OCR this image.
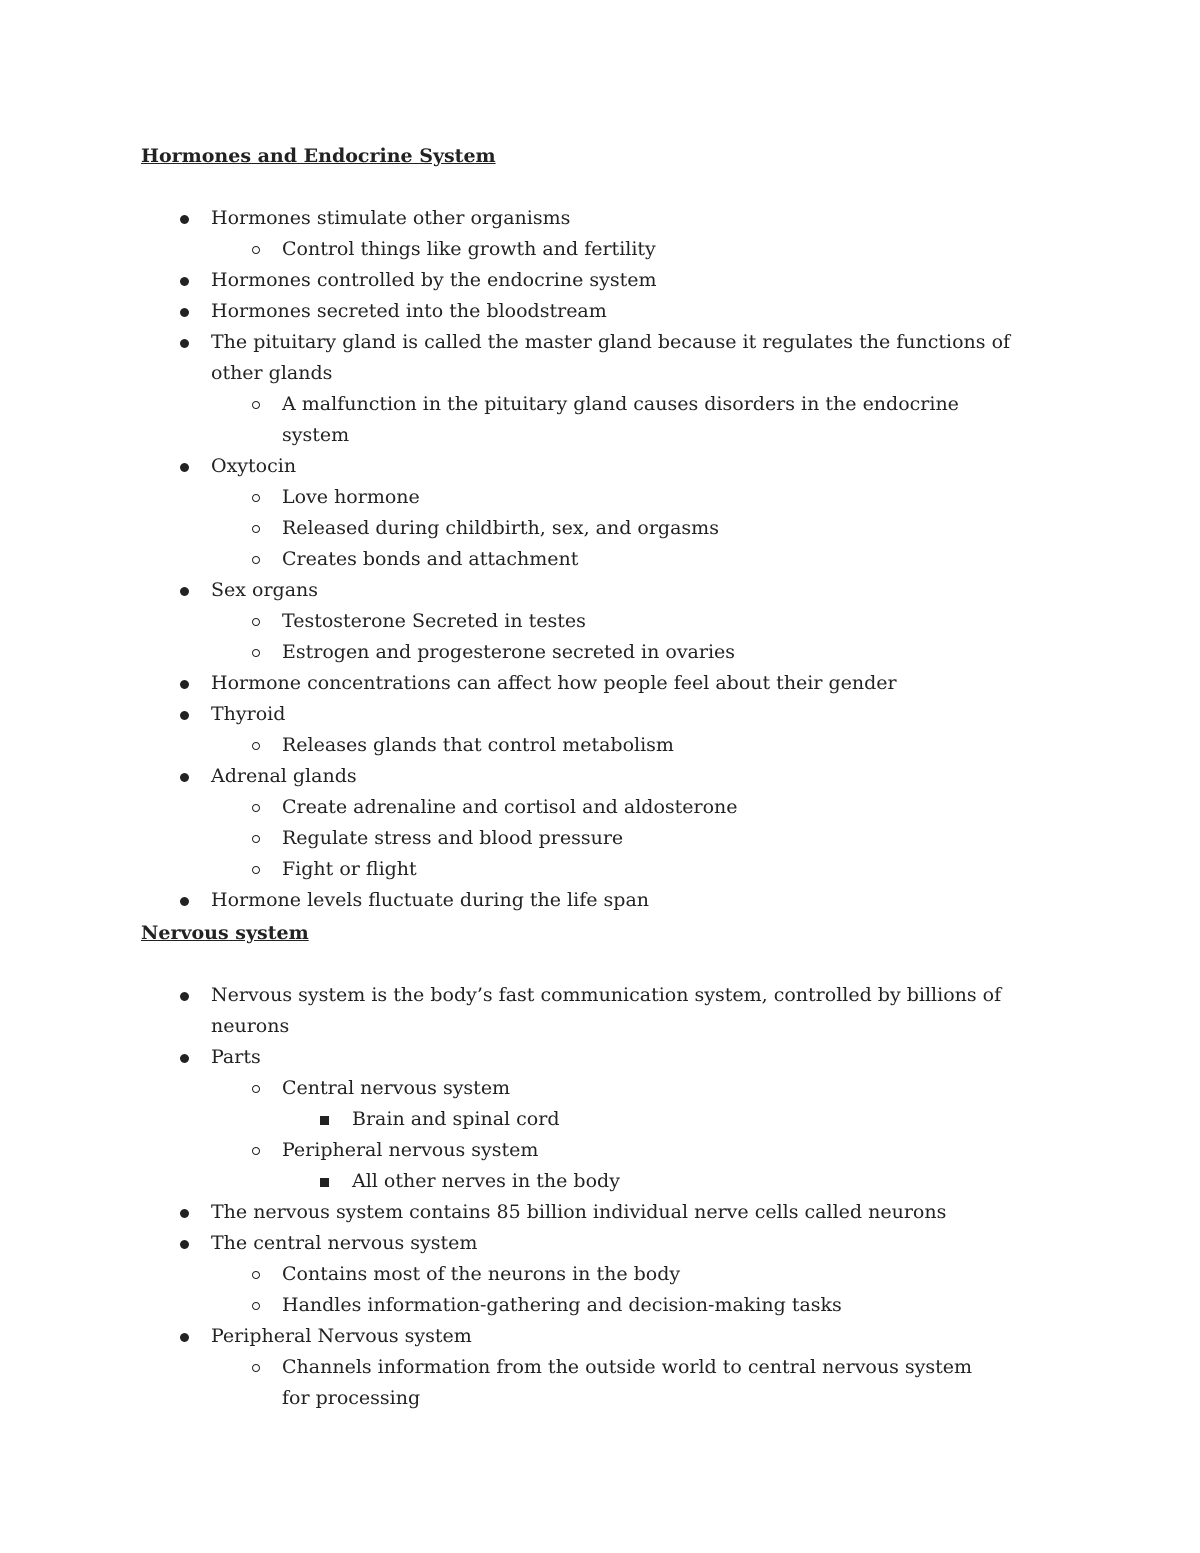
Hormones and Endocrine System
Hormones stimulate other organisms
Control things like growth and fertility
Hormones controlled by the endocrine system
Hormones secreted into the bloodstream
The pituitary gland is called the master gland because it regulates the functions of other glands
A malfunction in the pituitary gland causes disorders in the endocrine system
Oxytocin
Love hormone
Released during childbirth, sex, and orgasms
Creates bonds and attachment
Sex organs
Testosterone Secreted in testes
Estrogen and progesterone secreted in ovaries
Hormone concentrations can affect how people feel about their gender
Thyroid
Releases glands that control metabolism
Adrenal glands
Create adrenaline and cortisol and aldosterone
Regulate stress and blood pressure
Fight or flight
Hormone levels fluctuate during the life span
Nervous system
Nervous system is the body’s fast communication system, controlled by billions of neurons
Parts
Central nervous system
Brain and spinal cord
Peripheral nervous system
All other nerves in the body
The nervous system contains 85 billion individual nerve cells called neurons
The central nervous system
Contains most of the neurons in the body
Handles information-gathering and decision-making tasks
Peripheral Nervous system
Channels information from the outside world to central nervous system for processing
